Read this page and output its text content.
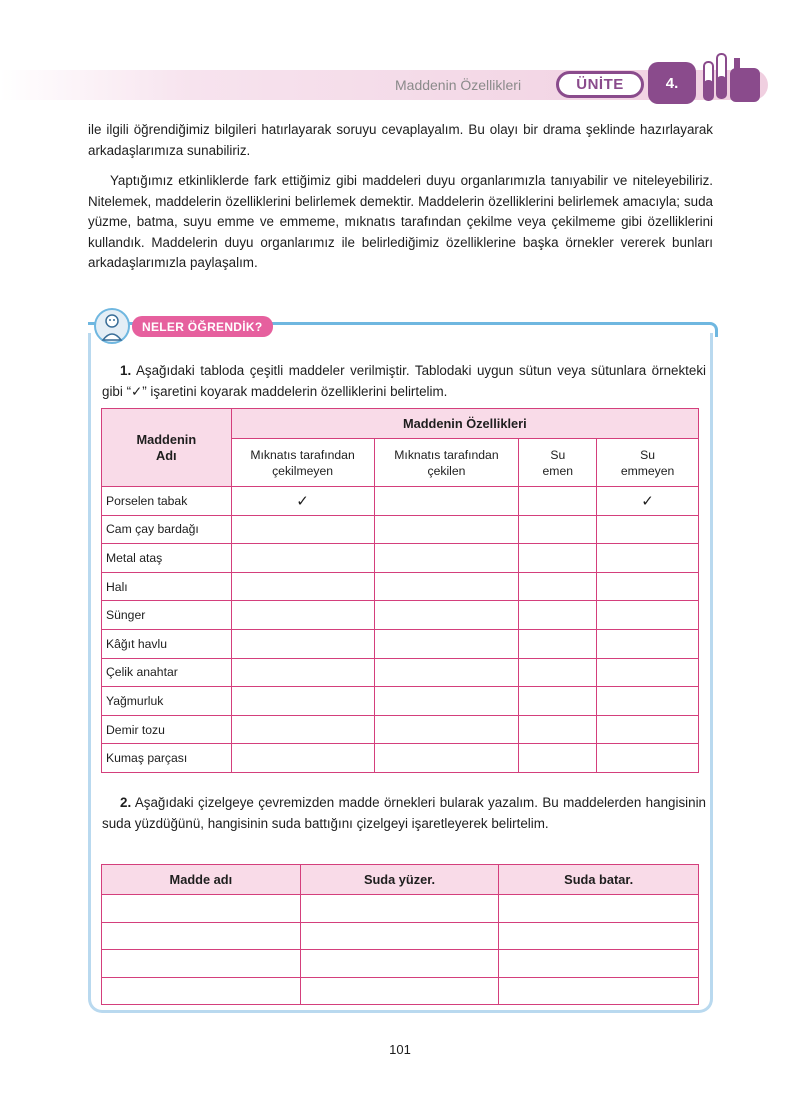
Maddenin Özellikleri	ÜNİTE	4.
ile ilgili öğrendiğimiz bilgileri hatırlayarak soruyu cevaplayalım. Bu olayı bir drama şeklinde hazırlayarak arkadaşlarımıza sunabiliriz.
Yaptığımız etkinliklerde fark ettiğimiz gibi maddeleri duyu organlarımızla tanıyabilir ve niteleyebiliriz. Nitelemek, maddelerin özelliklerini belirlemek demektir. Maddelerin özelliklerini belirlemek amacıyla; suda yüzme, batma, suyu emme ve emmeme, mıknatıs tarafından çekilme veya çekilmeme gibi özelliklerini kullandık. Maddelerin duyu organlarımız ile belirlediğimiz özelliklerine başka örnekler vererek bunları arkadaşlarımızla paylaşalım.
NELER ÖĞRENDİK?
1. Aşağıdaki tabloda çeşitli maddeler verilmiştir. Tablodaki uygun sütun veya sütunlara örnekteki gibi “✓” işaretini koyarak maddelerin özelliklerini belirtelim.
Maddenin Adı	Maddenin Özellikleri			
	Mıknatıs tarafından çekilmeyen	Mıknatıs tarafından çekilen	Su emen	Su emmeyen
Porselen tabak	✓			✓
Cam çay bardağı				
Metal ataş				
Halı				
Sünger				
Kâğıt havlu				
Çelik anahtar				
Yağmurluk				
Demir tozu				
Kumaş parçası				
2. Aşağıdaki çizelgeye çevremizden madde örnekleri bularak yazalım. Bu maddelerden hangisinin suda yüzdüğünü, hangisinin suda battığını çizelgeyi işaretleyerek belirtelim.
Madde adı	Suda yüzer.	Suda batar.

101
